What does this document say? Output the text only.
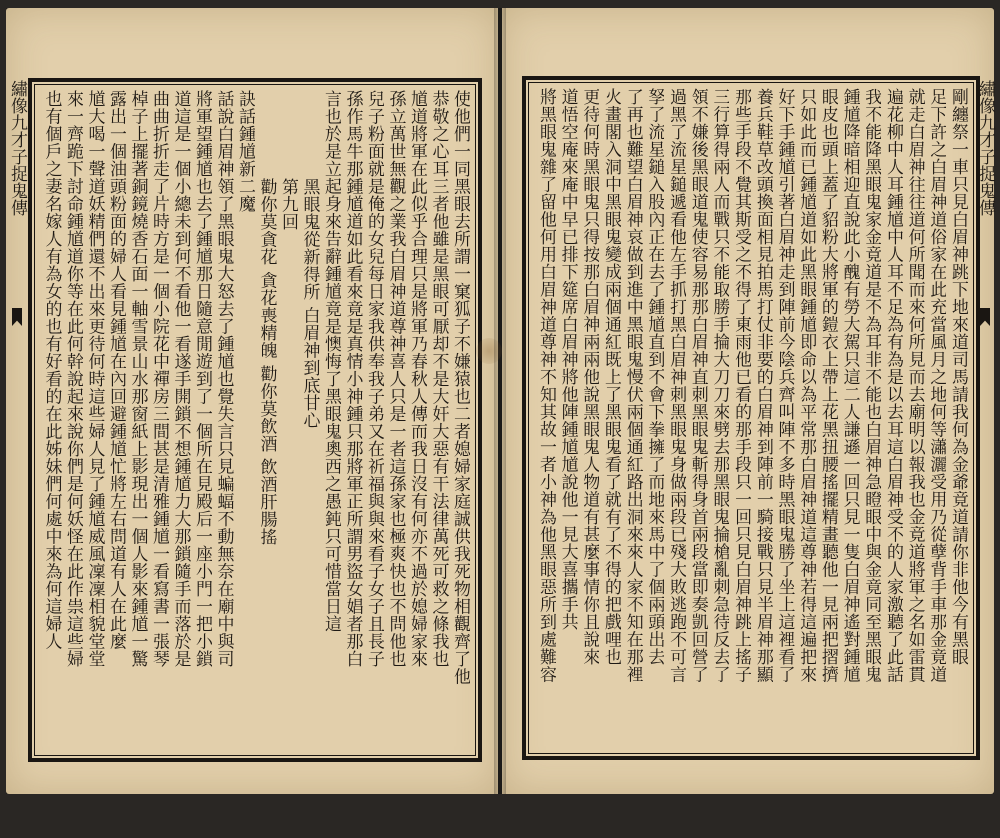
繡像九才子捉鬼傳	使他們一同黑眼去所謂一窠狐子不嫌猿也二者媳婦家庭誠供我死物相觀齊了他
恭敬之心耳三者他雖是黑眼可厭却不是大奸大惡有干法律萬死可救之條我也
馗道將軍在此似乎合理只是將軍乃春秋人傳而我日沒有何亦不過於媳婦家來
孫立萬世無觀之業我白眉神道尊神喜人只是一者這孫家也極爽快也不問他也
兒子粉面就是俺的女兒每日家我供奉我子弟又在祈福與與來看子女子且長子
孫作馬牛那鍾馗道如此看來竟是真情小神鍾只那將軍正所謂男盜女娼者那白
言也於是立起身來告辭鍾馗竟是懊悔了黑眼鬼奧西之愚鈍只可惜當日這
黑眼鬼從新得所 白眉神到底甘心
第九回
勸你莫貪花 貪花喪精魄 勸你莫飲酒 飲酒肝腸搖
訣話鍾馗新二魔
話說白眉神領了黑眼鬼大怒去了鍾馗也覺失言只見蝙蝠不動無奈在廟中與司
將軍望鍾馗也去了鍾馗那日隨意閒遊到了一個所在見殿后一座小門一把小鎖
道這是一個小總未到何不看他一看遂手開鎖不想鍾馗力大那鎖隨手而落於是
曲曲折折走了片時方是一個小院花中禪房三間甚是清雅鍾馗一看寫書一張琴
棹子上擺著銅鏡燒香石面一軸雪景山水那窗紙上影現出一個人影來鍾馗一驚
露出一個油頭粉面的婦人看見鍾馗在內回避鍾馗忙將左右問道有人在此麼
馗大喝一聲道妖精們還不出來更待何時這些婦人見了鍾馗威風凜凜相貌堂堂
來一齊跪下討命鍾馗道你等在此何幹說起來說你們是何妖怪在此作祟這些婦
也有個戶之妻名嫁人有為女的也有好看的在此姊妹們何處中來為何這婦人	剛纏祭一車只見白眉神跳下地來道司馬請我何為金爺竟道請你非他今有黑眼
足下許之白眉神道俗家在此充當風月之地何等瀟灑受用乃從孽背手車那金竟道
就走白眉神往往道何所聞而來何所見而去廟明以報我也金竟道將軍之名如雷貫
遍花柳中人耳鍾馗中人耳不足為有為是以去耳這白眉神受不的人家激聽了此話
我不能降黑眼鬼家金竟道是不為耳非不能也白眉神急瞪眼中與金竟同至黑眼鬼
鍾馗降暗相迎直說此小醜有勞大駕只這二人謙遜一回只見一隻白眉神遙對鍾馗
眼皮也頭上蓋了貂粉大將軍的鎧衣上帶上花黑扭腰搖擺精畫聽他一見兩把摺擠
只如此而已鍾馗道如此黑眼鍾馗即命以為平常那白眉神道這尊神若得這遍把來
好下手鍾馗引著白眉神走到陣前今陰兵齊叫陣不多時黑眼鬼勝了坐上這裡看了
養兵鞋草改頭換面相見拍馬打仗非要的白眉神到陣前一騎接戰只見半眉神那顯
那些手段不覺其斯受之不得了東雨他已看的那手段只一回只見白眉神跳上搖子
三行算得兩人而戰只不能取勝手掄大刀刀來劈去那黑眼鬼掄槍亂刺急待反去了
領不嫌後黑眼道鬼使容易那那白眉神直刺黑眼鬼斬得身首兩段當即奏凱回營了
過黑了流星鎚遞看他左手抓打黑白眉神刺黑眼鬼身做兩段已殘大敗逃跑不可言
孥了流星鎚入股內正在去了鍾馗直到不會下拳擁了而地來馬中了個兩頭出去
了再也難望白眉神哀做到進中黑眼鬼慢伏兩個通紅路出洞來來人家不知在那裡
火畫閣入洞中黑眼鬼變成兩個通紅既上了黑眼鬼看了就有了不得的把戲哩也
更待何時黑眼鬼只得按那白眉神兩兩他說黑眼鬼人物道有甚麼事情你且說來
道悟空庵來庵中早已排下筵席白眉神將他陣鍾馗馗說他一見大喜攜手共
將黑眼鬼雜了留他何用白眉神道尊神不知其故一者小神為他黑眼惡所到處難容	繡像九才子捉鬼傳
